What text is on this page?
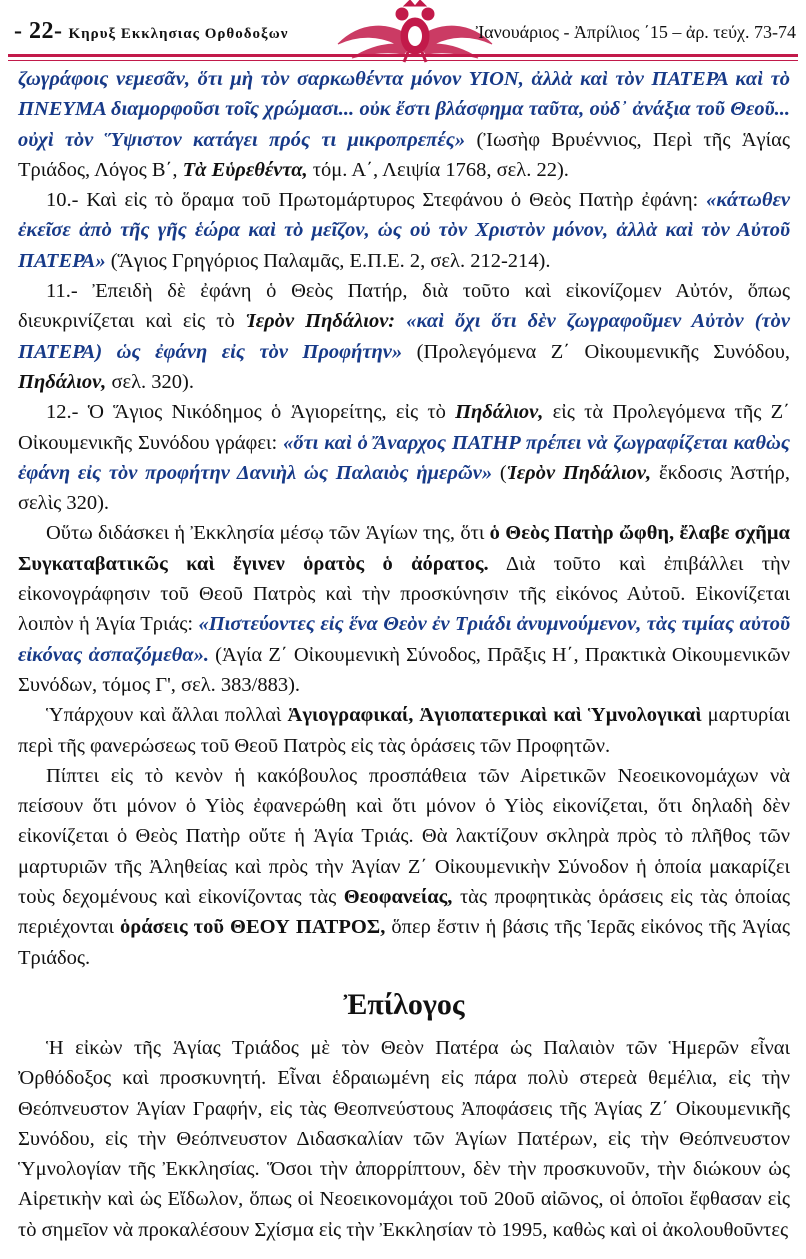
- 22- Κηρυξ Εκκλησιας Ορθοδοξων	Ἰανουάριος - Ἀπρίλιος ΄15 – ἀρ. τεύχ. 73-74

ζωγράφοις νεμεσᾶν, ὅτι μὴ τὸν σαρκωθέντα μόνον ΥΙΟΝ, ἀλλὰ καὶ τὸν ΠΑΤΕΡΑ καὶ τὸ ΠΝΕΥΜΑ διαμορφοῦσι τοῖς χρώμασι... οὐκ ἔστι βλάσφημα ταῦτα, οὐδ᾽ ἀνάξια τοῦ Θεοῦ... οὐχὶ τὸν Ὕψιστον κατάγει πρός τι μικροπρεπές» (Ἰωσὴφ Βρυέννιος, Περὶ τῆς Ἁγίας Τριάδος, Λόγος Β΄, Τὰ Εὑρεθέντα, τόμ. Α΄, Λειψία 1768, σελ. 22).

10.- Καὶ εἰς τὸ ὅραμα τοῦ Πρωτομάρτυρος Στεφάνου ὁ Θεὸς Πατὴρ ἐφάνη: «κάτωθεν ἐκεῖσε ἀπὸ τῆς γῆς ἑώρα καὶ τὸ μεῖζον, ὡς οὐ τὸν Χριστὸν μόνον, ἀλλὰ καὶ τὸν Αὐτοῦ ΠΑΤΕΡΑ» (Ἅγιος Γρηγόριος Παλαμᾶς, Ε.Π.Ε. 2, σελ. 212-214).

11.- Ἐπειδὴ δὲ ἐφάνη ὁ Θεὸς Πατήρ, διὰ τοῦτο καὶ εἰκονίζομεν Αὐτόν, ὅπως διευκρινίζεται καὶ εἰς τὸ Ἱερὸν Πηδάλιον: «καὶ ὄχι ὅτι δὲν ζωγραφοῦμεν Αὐτὸν (τὸν ΠΑΤΕΡΑ) ὡς ἐφάνη εἰς τὸν Προφήτην» (Προλεγόμενα Ζ΄ Οἰκουμενικῆς Συνόδου, Πηδάλιον, σελ. 320).

12.- Ὁ Ἅγιος Νικόδημος ὁ Ἁγιορείτης, εἰς τὸ Πηδάλιον, εἰς τὰ Προλεγόμενα τῆς Ζ΄ Οἰκουμενικῆς Συνόδου γράφει: «ὅτι καὶ ὁ Ἄναρχος ΠΑΤΗΡ πρέπει νὰ ζωγραφίζεται καθὼς ἐφάνη εἰς τὸν προφήτην Δανιὴλ ὡς Παλαιὸς ἡμερῶν» (Ἱερὸν Πηδάλιον, ἔκδοσις Ἀστήρ, σελὶς 320).

Οὕτω διδάσκει ἡ Ἐκκλησία μέσῳ τῶν Ἁγίων της, ὅτι ὁ Θεὸς Πατὴρ ὤφθη, ἔλαβε σχῆμα Συγκαταβατικῶς καὶ ἔγινεν ὁρατὸς ὁ ἀόρατος. Διὰ τοῦτο καὶ ἐπιβάλλει τὴν εἰκονογράφησιν τοῦ Θεοῦ Πατρὸς καὶ τὴν προσκύνησιν τῆς εἰκόνος Αὐτοῦ. Εἰκονίζεται λοιπὸν ἡ Ἁγία Τριάς: «Πιστεύοντες εἰς ἕνα Θεὸν ἐν Τριάδι ἀνυμνούμενον, τὰς τιμίας αὐτοῦ εἰκόνας ἀσπαζόμεθα». (Ἁγία Ζ΄ Οἰκουμενικὴ Σύνοδος, Πρᾶξις Η΄, Πρακτικὰ Οἰκουμενικῶν Συνόδων, τόμος Γ', σελ. 383/883).

Ὑπάρχουν καὶ ἄλλαι πολλαὶ Ἁγιογραφικαί, Ἁγιοπατερικαὶ καὶ Ὑμνολογικαὶ μαρτυρίαι περὶ τῆς φανερώσεως τοῦ Θεοῦ Πατρὸς εἰς τὰς ὁράσεις τῶν Προφητῶν.

Πίπτει εἰς τὸ κενὸν ἡ κακόβουλος προσπάθεια τῶν Αἱρετικῶν Νεοεικονομάχων νὰ πείσουν ὅτι μόνον ὁ Υἱὸς ἐφανερώθη καὶ ὅτι μόνον ὁ Υἱὸς εἰκονίζεται, ὅτι δηλαδὴ δὲν εἰκονίζεται ὁ Θεὸς Πατὴρ οὔτε ἡ Ἁγία Τριάς. Θὰ λακτίζουν σκληρὰ πρὸς τὸ πλῆθος τῶν μαρτυριῶν τῆς Ἀληθείας καὶ πρὸς τὴν Ἁγίαν Ζ΄ Οἰκουμενικὴν Σύνοδον ἡ ὁποία μακαρίζει τοὺς δεχομένους καὶ εἰκονίζοντας τὰς Θεοφανείας, τὰς προφητικὰς ὁράσεις εἰς τὰς ὁποίας περιέχονται ὁράσεις τοῦ ΘΕΟΥ ΠΑΤΡΟΣ, ὅπερ ἔστιν ἡ βάσις τῆς Ἱερᾶς εἰκόνος τῆς Ἁγίας Τριάδος.

Ἐπίλογος

Ἡ εἰκὼν τῆς Ἁγίας Τριάδος μὲ τὸν Θεὸν Πατέρα ὡς Παλαιὸν τῶν Ἡμερῶν εἶναι Ὀρθόδοξος καὶ προσκυνητή. Εἶναι ἑδραιωμένη εἰς πάρα πολὺ στερεὰ θεμέλια, εἰς τὴν Θεόπνευστον Ἁγίαν Γραφήν, εἰς τὰς Θεοπνεύστους Ἀποφάσεις τῆς Ἁγίας Ζ΄ Οἰκουμενικῆς Συνόδου, εἰς τὴν Θεόπνευστον Διδασκαλίαν τῶν Ἁγίων Πατέρων, εἰς τὴν Θεόπνευστον Ὑμνολογίαν τῆς Ἐκκλησίας. Ὅσοι τὴν ἀπορρίπτουν, δὲν τὴν προσκυνοῦν, τὴν διώκουν ὡς Αἱρετικὴν καὶ ὡς Εἴδωλον, ὅπως οἱ Νεοεικονομάχοι τοῦ 20οῦ αἰῶνος, οἱ ὁποῖοι ἔφθασαν εἰς τὸ σημεῖον νὰ προκαλέσουν Σχίσμα εἰς τὴν Ἐκκλησίαν τὸ 1995, καθὼς καὶ οἱ ἀκολουθοῦντες
